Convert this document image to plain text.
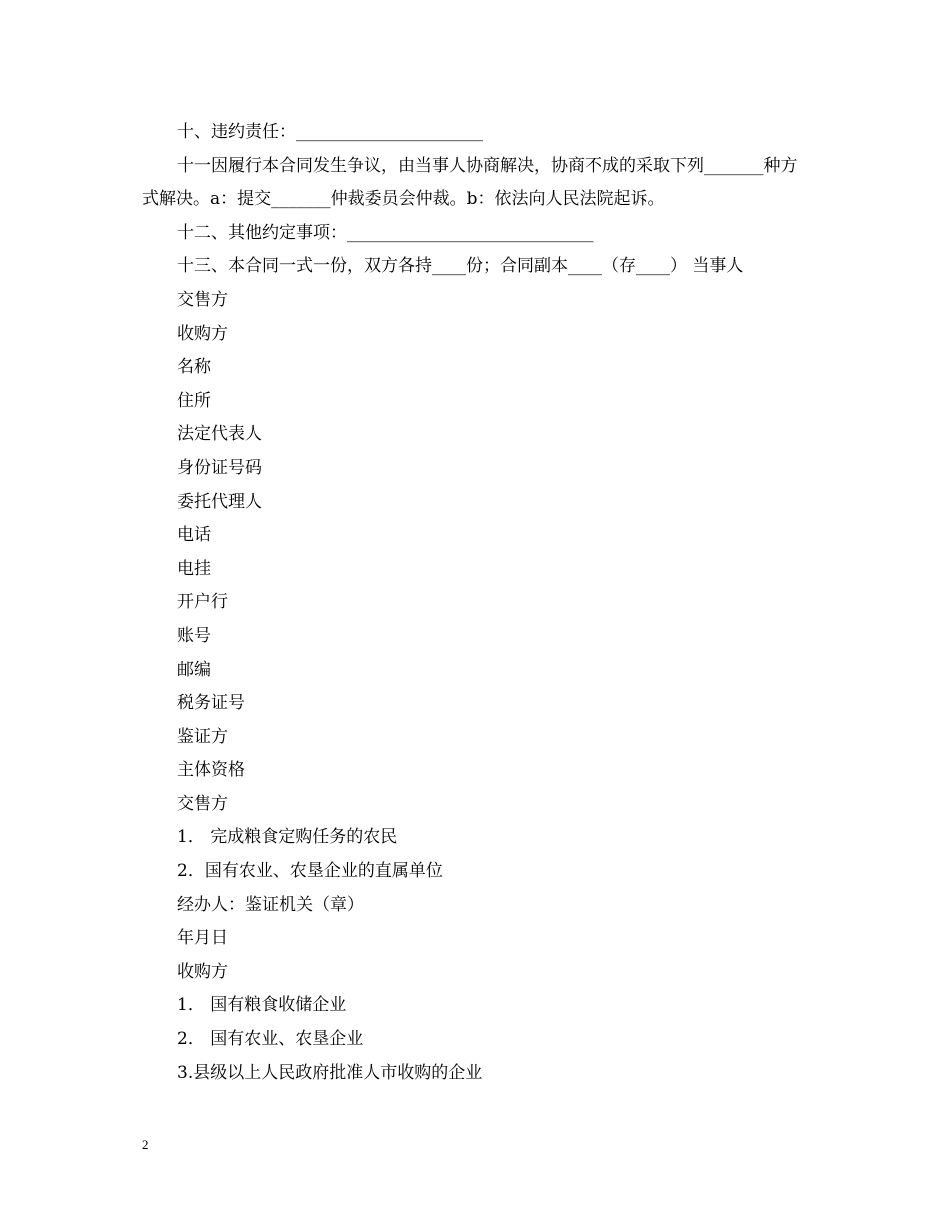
十、违约责任：______________________
十一因履行本合同发生争议，由当事人协商解决，协商不成的采取下列_______种方式解决。a：提交_______仲裁委员会仲裁。b：依法向人民法院起诉。
十二、其他约定事项：_____________________________
十三、本合同一式一份，双方各持____份；合同副本____（存____） 当事人
交售方
收购方
名称
住所
法定代表人
身份证号码
委托代理人
电话
电挂
开户行
账号
邮编
税务证号
鉴证方
主体资格
交售方
1． 完成粮食定购任务的农民
2．国有农业、农垦企业的直属单位
经办人：鉴证机关（章）
年月日
收购方
1． 国有粮食收储企业
2． 国有农业、农垦企业
3.县级以上人民政府批准人市收购的企业
2
